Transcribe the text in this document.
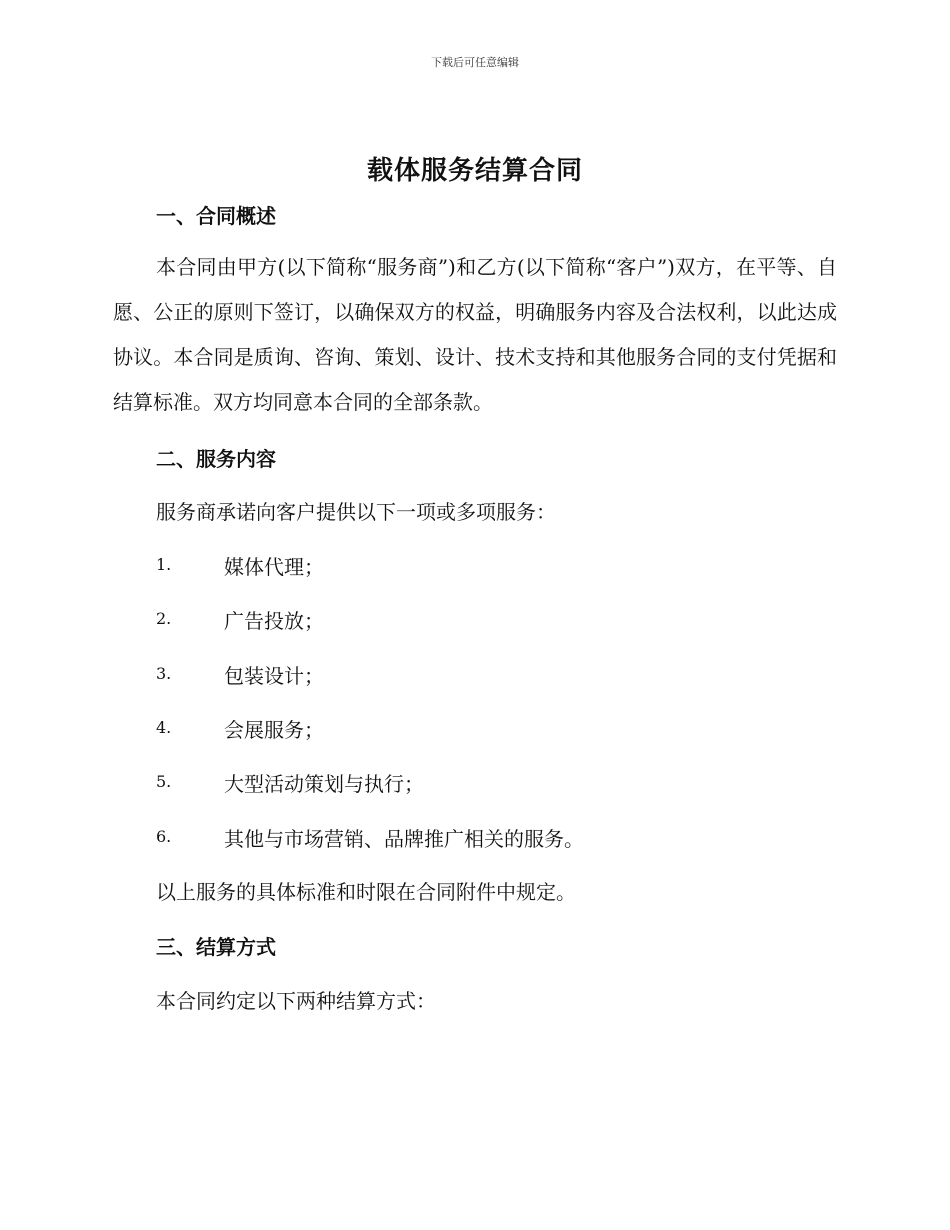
下载后可任意编辑
载体服务结算合同
一、合同概述
本合同由甲方(以下简称“服务商”)和乙方(以下简称“客户”)双方，在平等、自愿、公正的原则下签订，以确保双方的权益，明确服务内容及合法权利，以此达成协议。本合同是质询、咨询、策划、设计、技术支持和其他服务合同的支付凭据和结算标准。双方均同意本合同的全部条款。
二、服务内容
服务商承诺向客户提供以下一项或多项服务：
1.	媒体代理；
2.	广告投放；
3.	包装设计；
4.	会展服务；
5.	大型活动策划与执行；
6.	其他与市场营销、品牌推广相关的服务。
以上服务的具体标准和时限在合同附件中规定。
三、结算方式
本合同约定以下两种结算方式：
